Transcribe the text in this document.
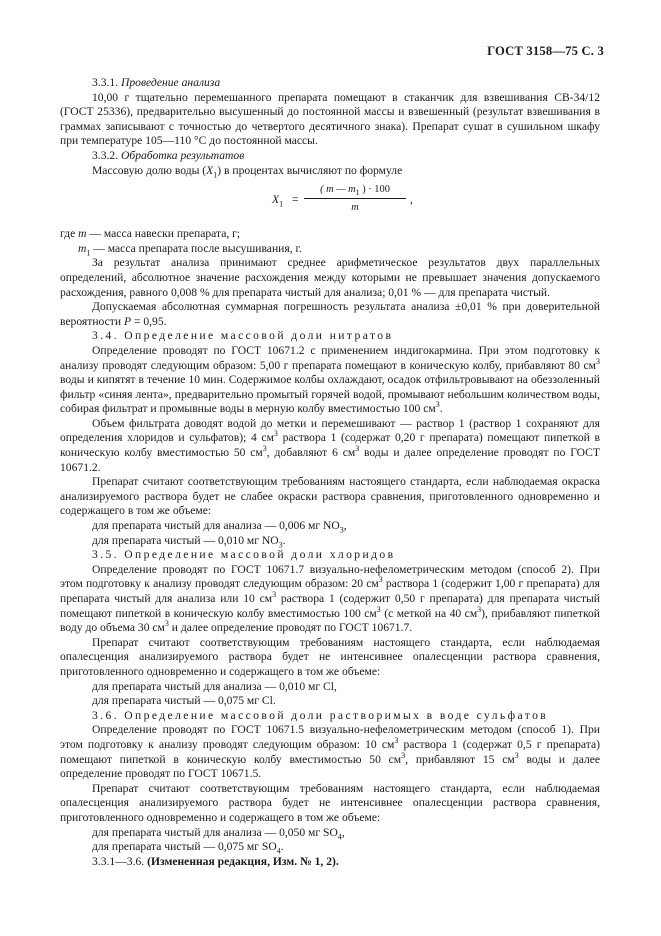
ГОСТ 3158—75 С. 3

3.3.1. Проведение анализа

10,00 г тщательно перемешанного препарата помещают в стаканчик для взвешивания СВ-34/12 (ГОСТ 25336), предварительно высушенный до постоянной массы и взвешенный (результат взвешивания в граммах записывают с точностью до четвертого десятичного знака). Препарат сушат в сушильном шкафу при температуре 105—110 °С до постоянной массы.

3.3.2. Обработка результатов

Массовую долю воды $(X_1)$ в процентах вычисляют по формуле

$X_1$ =
( m — $m_1$ ) · 100
m
,

где m — масса навески препарата, г;

$m_1$ — масса препарата после высушивания, г.

За результат анализа принимают среднее арифметическое результатов двух параллельных определений, абсолютное значение расхождения между которыми не превышает значения допускаемого расхождения, равного 0,008 % для препарата чистый для анализа; 0,01 % — для препарата чистый.

Допускаемая абсолютная суммарная погрешность результата анализа ±0,01 % при доверительной вероятности P = 0,95.

3.4. Определение массовой доли нитратов

Определение проводят по ГОСТ 10671.2 с применением индигокармина. При этом подготовку к анализу проводят следующим образом: 5,00 г препарата помещают в коническую колбу, прибавляют 80 $см^3$ воды и кипятят в течение 10 мин. Содержимое колбы охлаждают, осадок отфильтровывают на обеззоленный фильтр «синяя лента», предварительно промытый горячей водой, промывают небольшим количеством воды, собирая фильтрат и промывные воды в мерную колбу вместимостью 100 $см^3$.

Объем фильтрата доводят водой до метки и перемешивают — раствор 1 (раствор 1 сохраняют для определения хлоридов и сульфатов); 4 $см^3$ раствора 1 (содержат 0,20 г препарата) помещают пипеткой в коническую колбу вместимостью 50 $см^3$, добавляют 6 $см^3$ воды и далее определение проводят по ГОСТ 10671.2.

Препарат считают соответствующим требованиям настоящего стандарта, если наблюдаемая окраска анализируемого раствора будет не слабее окраски раствора сравнения, приготовленного одновременно и содержащего в том же объеме:

для препарата чистый для анализа — 0,006 мг $NO_3$,

для препарата чистый — 0,010 мг $NO_3$.

3.5. Определение массовой доли хлоридов

Определение проводят по ГОСТ 10671.7 визуально-нефелометрическим методом (способ 2). При этом подготовку к анализу проводят следующим образом: 20 $см^3$ раствора 1 (содержит 1,00 г препарата) для препарата чистый для анализа или 10 $см^3$ раствора 1 (содержит 0,50 г препарата) для препарата чистый помещают пипеткой в коническую колбу вместимостью 100 $см^3$ (с меткой на 40 $см^3$), прибавляют пипеткой воду до объема 30 $см^3$ и далее определение проводят по ГОСТ 10671.7.

Препарат считают соответствующим требованиям настоящего стандарта, если наблюдаемая опалесценция анализируемого раствора будет не интенсивнее опалесценции раствора сравнения, приготовленного одновременно и содержащего в том же объеме:

для препарата чистый для анализа — 0,010 мг Cl,

для препарата чистый — 0,075 мг Cl.

3.6. Определение массовой доли растворимых в воде сульфатов

Определение проводят по ГОСТ 10671.5 визуально-нефелометрическим методом (способ 1). При этом подготовку к анализу проводят следующим образом: 10 $см^3$ раствора 1 (содержат 0,5 г препарата) помещают пипеткой в коническую колбу вместимостью 50 $см^3$, прибавляют 15 $см^3$ воды и далее определение проводят по ГОСТ 10671.5.

Препарат считают соответствующим требованиям настоящего стандарта, если наблюдаемая опалесценция анализируемого раствора будет не интенсивнее опалесценции раствора сравнения, приготовленного одновременно и содержащего в том же объеме:

для препарата чистый для анализа — 0,050 мг $SO_4$,

для препарата чистый — 0,075 мг $SO_4$.

3.3.1—3.6. (Измененная редакция, Изм. № 1, 2).
